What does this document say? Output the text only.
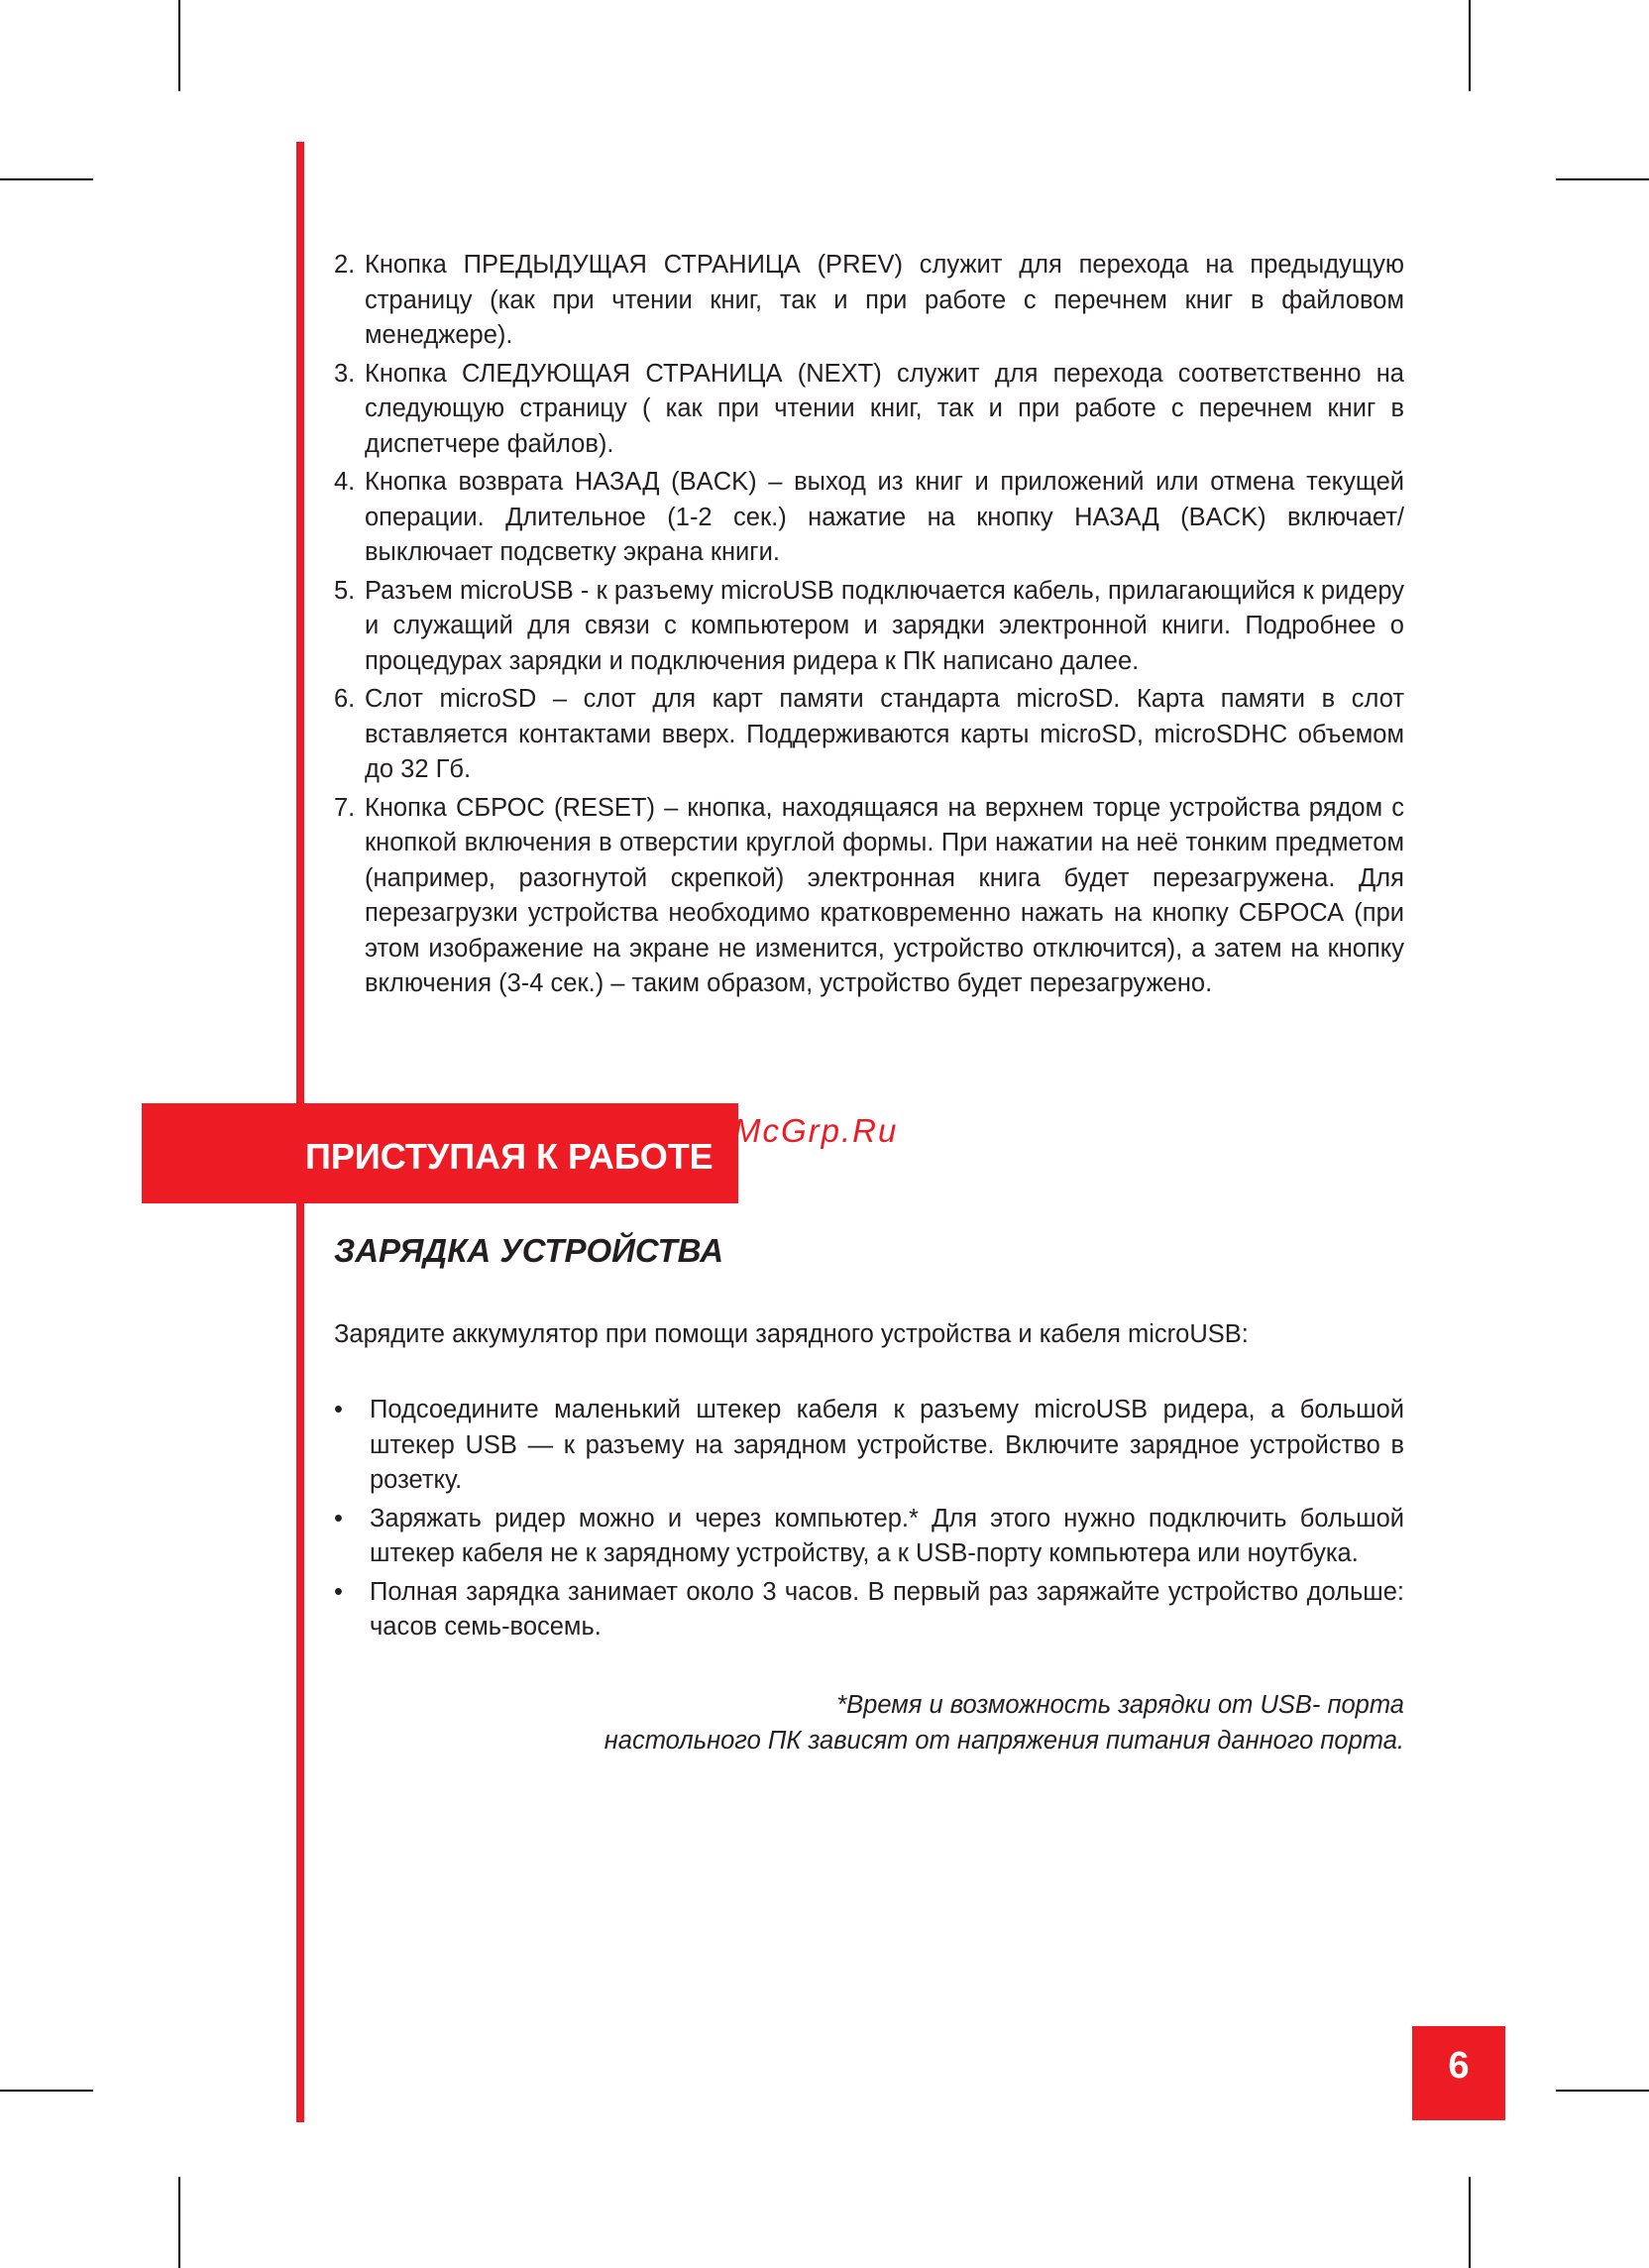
2. Кнопка ПРЕДЫДУЩАЯ СТРАНИЦА (PREV) служит для перехода на предыдущую страницу (как при чтении книг, так и при работе с перечнем книг в файловом менеджере).
3. Кнопка СЛЕДУЮЩАЯ СТРАНИЦА (NEXT) служит для перехода соответственно на следующую страницу ( как при чтении книг, так и при работе с перечнем книг в диспетчере файлов).
4. Кнопка возврата НАЗАД (BACK) – выход из книг и приложений или отмена текущей операции. Длительное (1-2 сек.) нажатие на кнопку НАЗАД (BACK) включает/выключает подсветку экрана книги.
5. Разъем microUSB - к разъему microUSB подключается кабель, прилагающийся к ридеру и служащий для связи с компьютером и зарядки электронной книги. Подробнее о процедурах зарядки и подключения ридера к ПК написано далее.
6. Слот microSD – слот для карт памяти стандарта microSD. Карта памяти в слот вставляется контактами вверх. Поддерживаются карты microSD, microSDHC объемом до 32 Гб.
7. Кнопка СБРОС (RESET) – кнопка, находящаяся на верхнем торце устройства рядом с кнопкой включения в отверстии круглой формы. При нажатии на неё тонким предметом (например, разогнутой скрепкой) электронная книга будет перезагружена. Для перезагрузки устройства необходимо кратковременно нажать на кнопку СБРОСА (при этом изображение на экране не изменится, устройство отключится), а затем на кнопку включения (3-4 сек.) – таким образом, устройство будет перезагружено.
ПРИСТУПАЯ К РАБОТЕ
McGrp.Ru
ЗАРЯДКА УСТРОЙСТВА
Зарядите аккумулятор при помощи зарядного устройства и кабеля microUSB:
• Подсоедините маленький штекер кабеля к разъему microUSB ридера, а большой штекер USB — к разъему на зарядном устройстве. Включите зарядное устройство в розетку.
• Заряжать ридер можно и через компьютер.* Для этого нужно подключить большой штекер кабеля не к зарядному устройству, а к USB-порту компьютера или ноутбука.
• Полная зарядка занимает около 3 часов. В первый раз заряжайте устройство дольше: часов семь-восемь.
*Время и возможность зарядки от USB- порта
настольного ПК зависят от напряжения питания данного порта.
6
